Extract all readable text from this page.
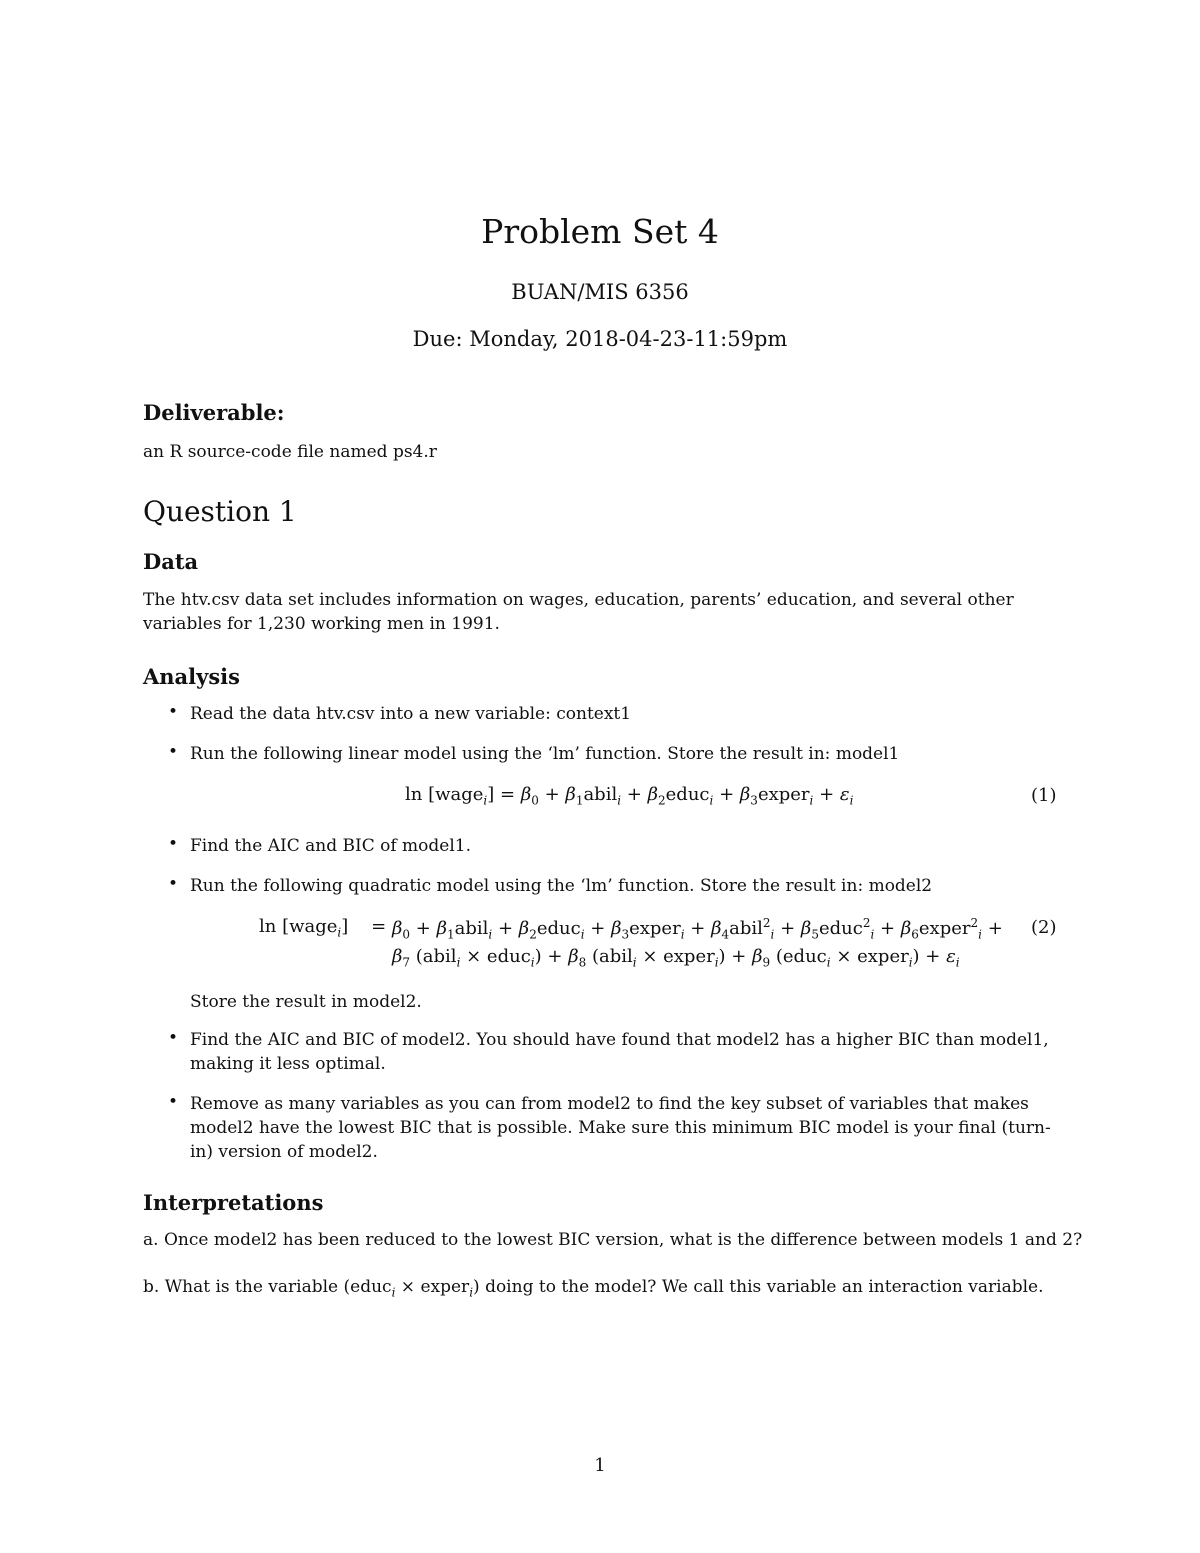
Problem Set 4
BUAN/MIS 6356
Due: Monday, 2018-04-23-11:59pm
Deliverable:
an R source-code file named ps4.r
Question 1
Data
The htv.csv data set includes information on wages, education, parents’ education, and several other variables for 1,230 working men in 1991.
Analysis
• Read the data htv.csv into a new variable: context1
• Run the following linear model using the ‘lm’ function. Store the result in: model1
ln [wage$_i$] = $\beta_0$ + $\beta_1abil_i$ + $\beta_2educ_i$ + $\beta_3exper_i + \varepsilon_i$	(1)
• Find the AIC and BIC of model1.
• Run the following quadratic model using the ‘lm’ function. Store the result in: model2
ln [wage$_i$]    = $\beta_0$ + $\beta_1abil_i$ + $\beta_2educ_i$ + $\beta_3exper_i$ + $\beta_4abil^2_i$ + $\beta_5educ^2_i$ + $\beta_6exper^2_i$ +
$\beta_7$ (abil$_i$ × educ$_i$) + $\beta_8$ (abil$_i$ × exper$_i$) + $\beta_9$ (educ$_i$ × exper$_i$) + $\varepsilon_i$
(2)
Store the result in model2.
• Find the AIC and BIC of model2. You should have found that model2 has a higher BIC than model1, making it less optimal.
• Remove as many variables as you can from model2 to find the key subset of variables that makes model2 have the lowest BIC that is possible. Make sure this minimum BIC model is your final (turn-in) version of model2.
Interpretations
a. Once model2 has been reduced to the lowest BIC version, what is the difference between models 1 and 2?
b. What is the variable (educ$_i$ × exper$_i$) doing to the model? We call this variable an interaction variable.
1
